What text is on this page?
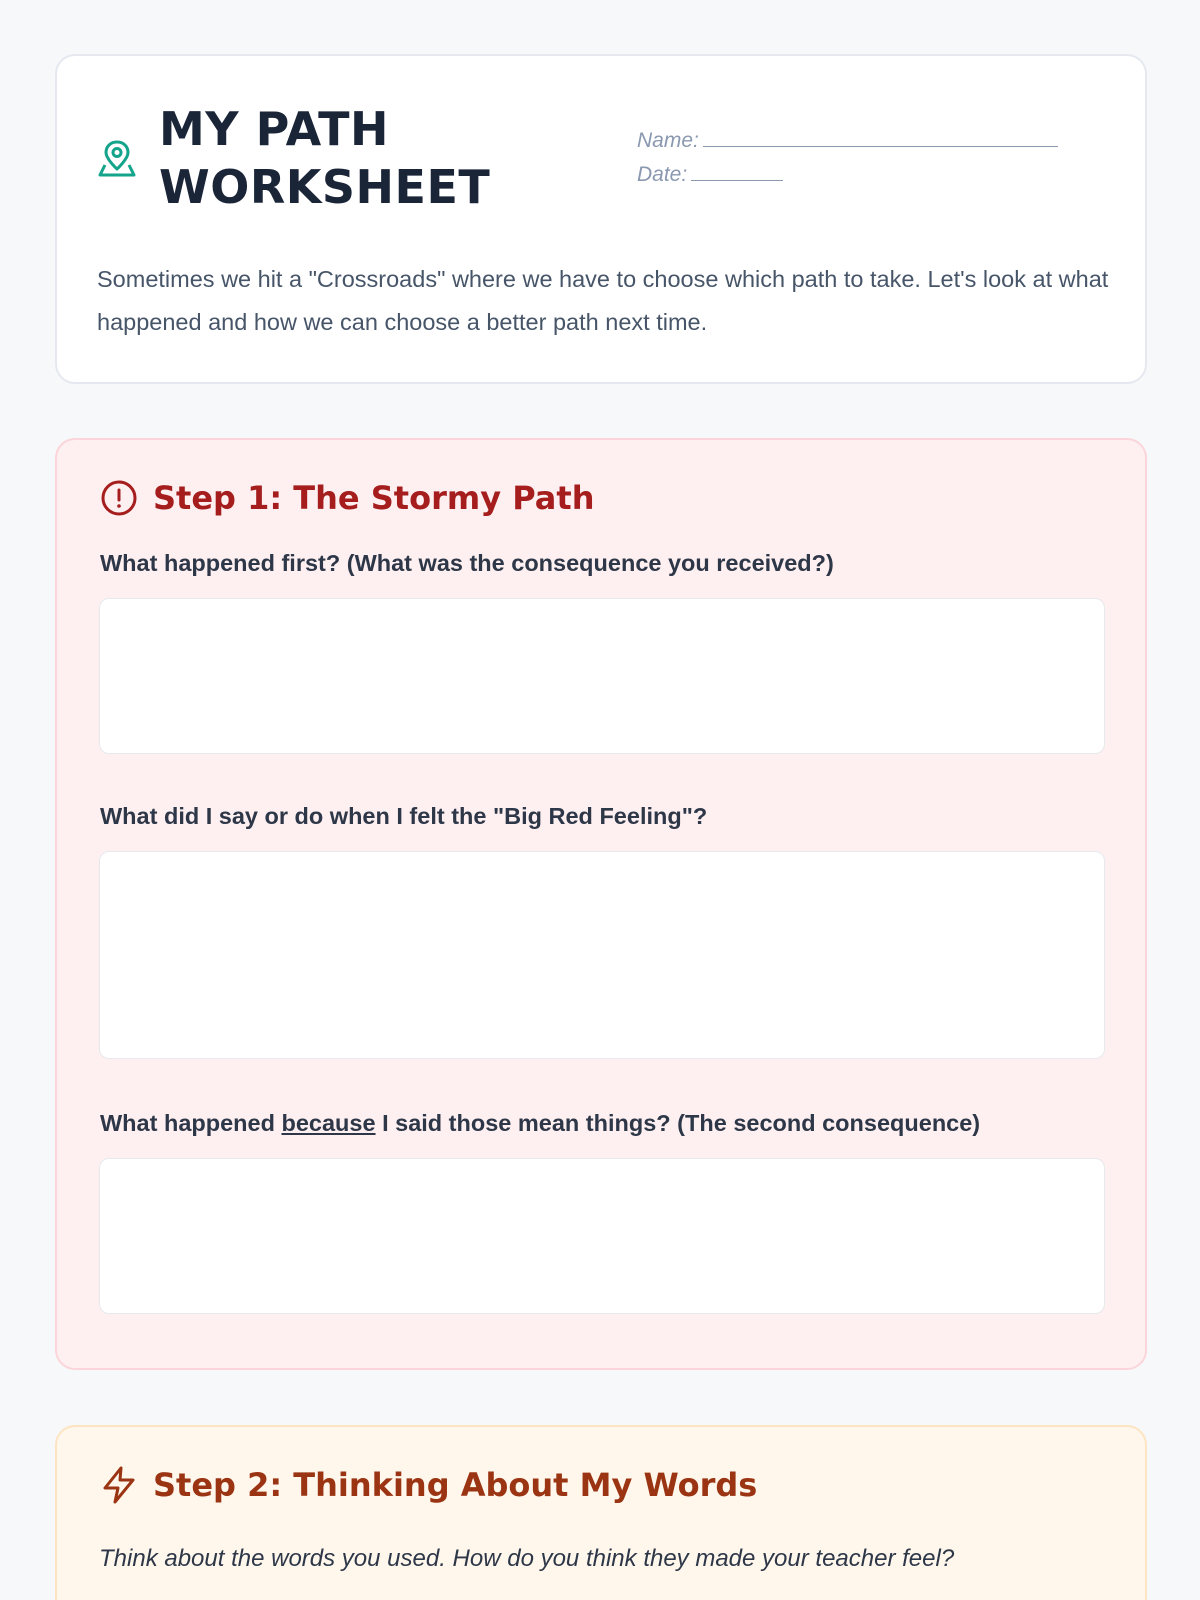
MY PATH
WORKSHEET
Name:
Date:

Sometimes we hit a "Crossroads" where we have to choose which path to take. Let's look at what happened and how we can choose a better path next time.

Step 1: The Stormy Path
What happened first? (What was the consequence you received?)
What did I say or do when I felt the "Big Red Feeling"?
What happened because I said those mean things? (The second consequence)
Step 2: Thinking About My Words

Think about the words you used. How do you think they made your teacher feel?
